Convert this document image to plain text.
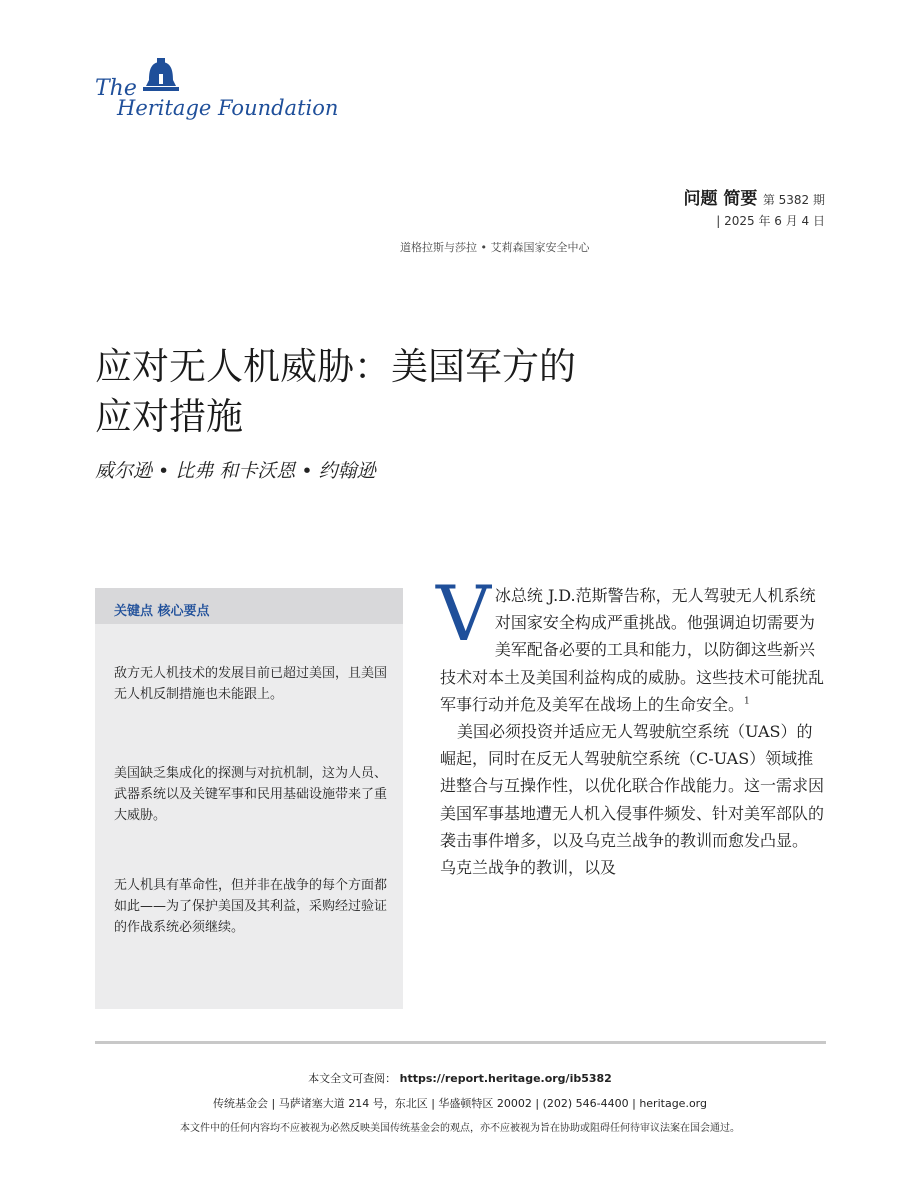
The
Heritage Foundation
问题 简要 第 5382 期
| 2025 年 6 月 4 日
道格拉斯与莎拉 • 艾莉森国家安全中心
应对无人机威胁：美国军方的
应对措施
威尔逊 • 比弗 和卡沃恩 • 约翰逊
关键点 核心要点
敌方无人机技术的发展目前已超过美国，且美国无人机反制措施也未能跟上。
美国缺乏集成化的探测与对抗机制，这为人员、武器系统以及关键军事和民用基础设施带来了重大威胁。
无人机具有革命性，但并非在战争的每个方面都如此——为了保护美国及其利益，采购经过验证的作战系统必须继续。
V 冰总统 J.D.范斯警告称，无人驾驶无人机系统对国家安全构成严重挑战。他强调迫切需要为美军配备必要的工具和能力，以防御这些新兴技术对本土及美国利益构成的威胁。这些技术可能扰乱军事行动并危及美军在战场上的生命安全。$^1$

美国必须投资并适应无人驾驶航空系统（UAS）的崛起，同时在反无人驾驶航空系统（C-UAS）领域推进整合与互操作性，以优化联合作战能力。这一需求因美国军事基地遭无人机入侵事件频发、针对美军部队的袭击事件增多，以及乌克兰战争的教训而愈发凸显。

乌克兰战争的教训，以及

本文全文可查阅： https://report.heritage.org/ib5382
传统基金会 | 马萨诸塞大道 214 号，东北区 | 华盛顿特区 20002 | (202) 546-4400 | heritage.org
本文件中的任何内容均不应被视为必然反映美国传统基金会的观点，亦不应被视为旨在协助或阻碍任何待审议法案在国会通过。
